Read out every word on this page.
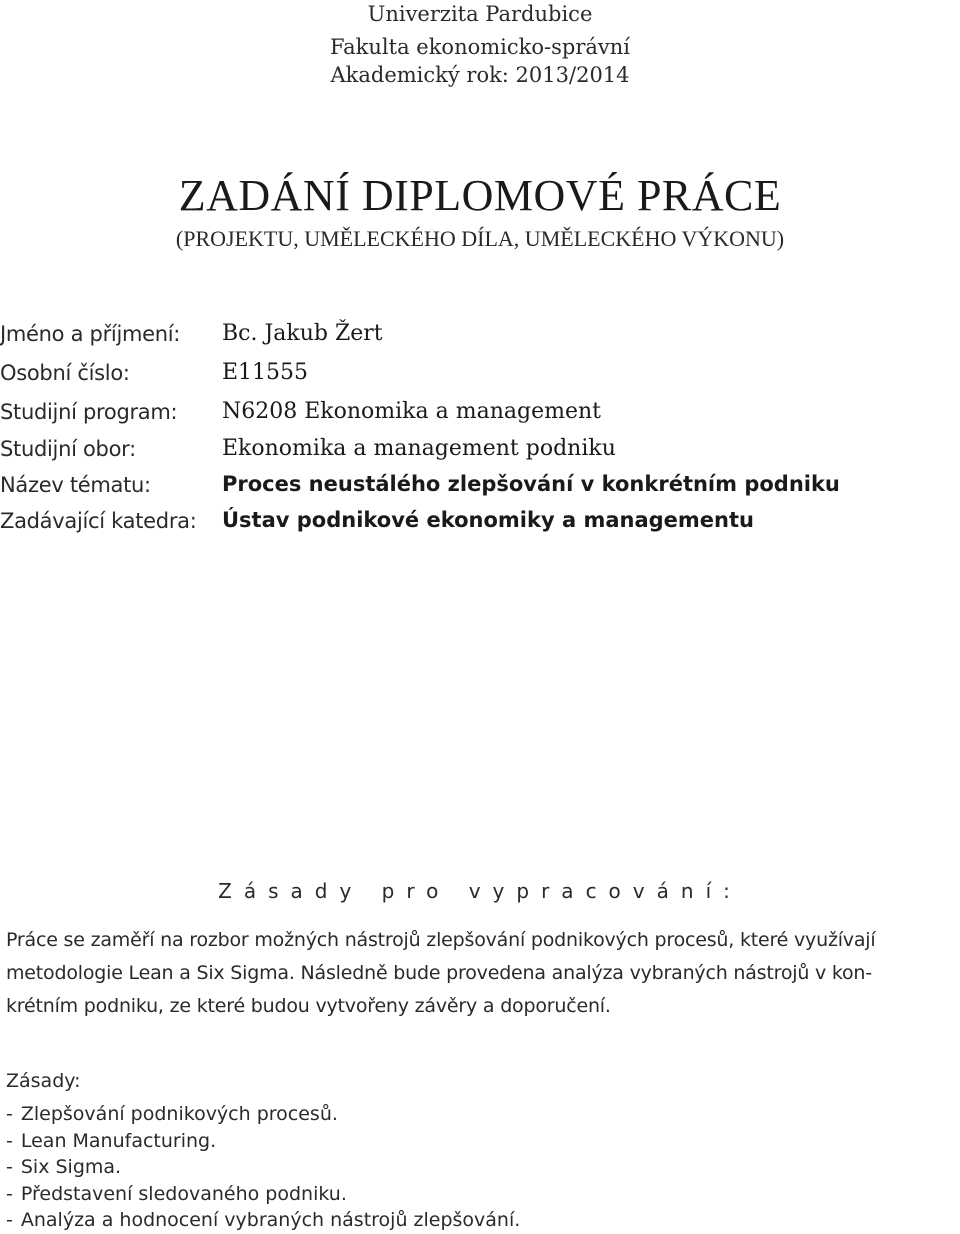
Univerzita Pardubice
Fakulta ekonomicko-správní
Akademický rok: 2013/2014
ZADÁNÍ DIPLOMOVÉ PRÁCE
(PROJEKTU, UMĚLECKÉHO DÍLA, UMĚLECKÉHO VÝKONU)
Jméno a příjmení: Bc. Jakub Žert
Osobní číslo:	E11555
Studijní program: N6208 Ekonomika a management
Studijní obor:	Ekonomika a management podniku
Název tématu:	Proces neustálého zlepšování v konkrétním podniku
Zadávající katedra: Ústav podnikové ekonomiky a managementu
Zásady pro vypracování:
Práce se zaměří na rozbor možných nástrojů zlepšování podnikových procesů, které využívají
metodologie Lean a Six Sigma. Následně bude provedena analýza vybraných nástrojů v kon-
krétním podniku, ze které budou vytvořeny závěry a doporučení.
Zásady:
- Zlepšování podnikových procesů.
- Lean Manufacturing.
- Six Sigma.
- Představení sledovaného podniku.
- Analýza a hodnocení vybraných nástrojů zlepšování.
